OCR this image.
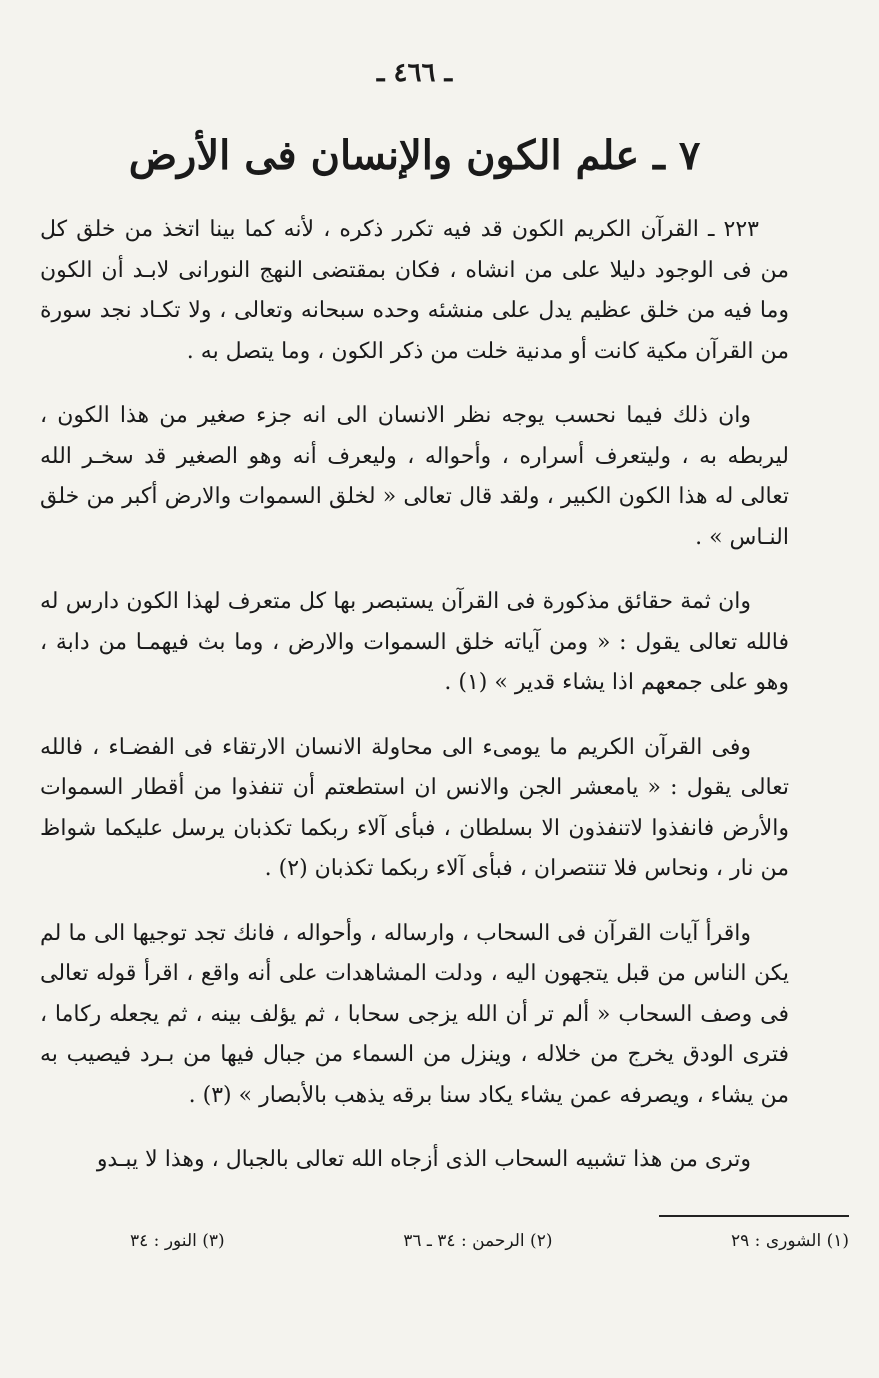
ـ ٤٦٦ ـ
٧ ـ علم الكون والإنسان فى الأرض

٢٢٣ ـ القرآن الكريم الكون قد فيه تكرر ذكره ، لأنه كما بينا اتخذ من خلق كل من فى الوجود دليلا على من انشاه ، فكان بمقتضى النهج النورانى لابـد أن الكون وما فيه من خلق عظيم يدل على منشئه وحده سبحانه وتعالى ، ولا تكـاد نجد سورة من القرآن مكية كانت أو مدنية خلت من ذكر الكون ، وما يتصل به .

وان ذلك فيما نحسب يوجه نظر الانسان الى انه جزء صغير من هذا الكون ، ليربطه به ، وليتعرف أسراره ، وأحواله ، وليعرف أنه وهو الصغير قد سخـر الله تعالى له هذا الكون الكبير ، ولقد قال تعالى « لخلق السموات والارض أكبر من خلق النـاس » .

وان ثمة حقائق مذكورة فى القرآن يستبصر بها كل متعرف لهذا الكون دارس له فالله تعالى يقول : « ومن آياته خلق السموات والارض ، وما بث فيهمـا من دابة ، وهو على جمعهم اذا يشاء قدير » (١) .

وفى القرآن الكريم ما يومىء الى محاولة الانسان الارتقاء فى الفضـاء ، فالله تعالى يقول : « يامعشر الجن والانس ان استطعتم أن تنفذوا من أقطار السموات والأرض فانفذوا لاتنفذون الا بسلطان ، فبأى آلاء ربكما تكذبان يرسل عليكما شواظ من نار ، ونحاس فلا تنتصران ، فبأى آلاء ربكما تكذبان (٢) .

واقرأ آيات القرآن فى السحاب ، وارساله ، وأحواله ، فانك تجد توجيها الى ما لم يكن الناس من قبل يتجهون اليه ، ودلت المشاهدات على أنه واقع ، اقرأ قوله تعالى فى وصف السحاب « ألم تر أن الله يزجى سحابا ، ثم يؤلف بينه ، ثم يجعله ركاما ، فترى الودق يخرج من خلاله ، وينزل من السماء من جبال فيها من بـرد فيصيب به من يشاء ، ويصرفه عمن يشاء يكاد سنا برقه يذهب بالأبصار » (٣) .

وترى من هذا تشبيه السحاب الذى أزجاه الله تعالى بالجبال ، وهذا لا يبـدو

(١) الشورى : ٢٩
(٢) الرحمن : ٣٤ ـ ٣٦
(٣) النور : ٣٤
